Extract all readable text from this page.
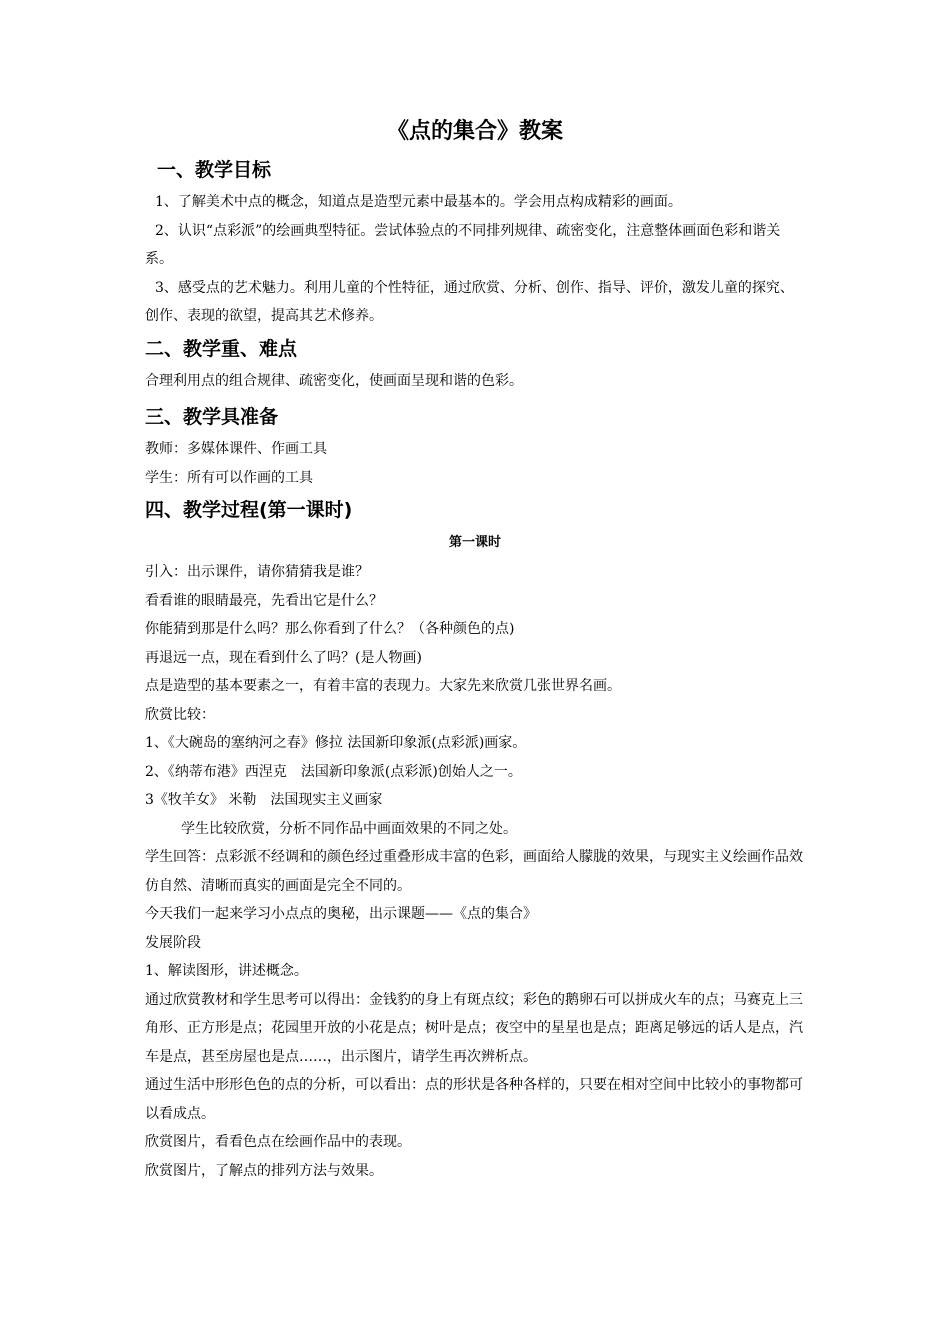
《点的集合》教案
一、教学目标

1、了解美术中点的概念，知道点是造型元素中最基本的。学会用点构成精彩的画面。

2、认识“点彩派”的绘画典型特征。尝试体验点的不同排列规律、疏密变化，注意整体画面色彩和谐关系。

3、感受点的艺术魅力。利用儿童的个性特征，通过欣赏、分析、创作、指导、评价，激发儿童的探究、创作、表现的欲望，提高其艺术修养。

二、教学重、难点

合理利用点的组合规律、疏密变化，使画面呈现和谐的色彩。

三、教学具准备

教师：多媒体课件、作画工具

学生：所有可以作画的工具

四、教学过程(第一课时)

第一课时

引入：出示课件，请你猜猜我是谁？

看看谁的眼睛最亮，先看出它是什么？

你能猜到那是什么吗？那么你看到了什么？（各种颜色的点)

再退远一点，现在看到什么了吗？(是人物画)

点是造型的基本要素之一，有着丰富的表现力。大家先来欣赏几张世界名画。

欣赏比较：

1、《大碗岛的塞纳河之春》修拉 法国新印象派(点彩派)画家。

2、《纳蒂布港》西涅克　法国新印象派(点彩派)创始人之一。

3《牧羊女》 米勒　法国现实主义画家

学生比较欣赏，分析不同作品中画面效果的不同之处。

学生回答：点彩派不经调和的颜色经过重叠形成丰富的色彩，画面给人朦胧的效果，与现实主义绘画作品效仿自然、清晰而真实的画面是完全不同的。

今天我们一起来学习小点点的奥秘，出示课题——《点的集合》

发展阶段

1、解读图形，讲述概念。

通过欣赏教材和学生思考可以得出：金钱豹的身上有斑点纹；彩色的鹅卵石可以拼成火车的点；马赛克上三角形、正方形是点；花园里开放的小花是点；树叶是点；夜空中的星星也是点；距离足够远的话人是点，汽车是点，甚至房屋也是点……，出示图片，请学生再次辨析点。

通过生活中形形色色的点的分析，可以看出：点的形状是各种各样的，只要在相对空间中比较小的事物都可以看成点。

欣赏图片，看看色点在绘画作品中的表现。

欣赏图片，了解点的排列方法与效果。
